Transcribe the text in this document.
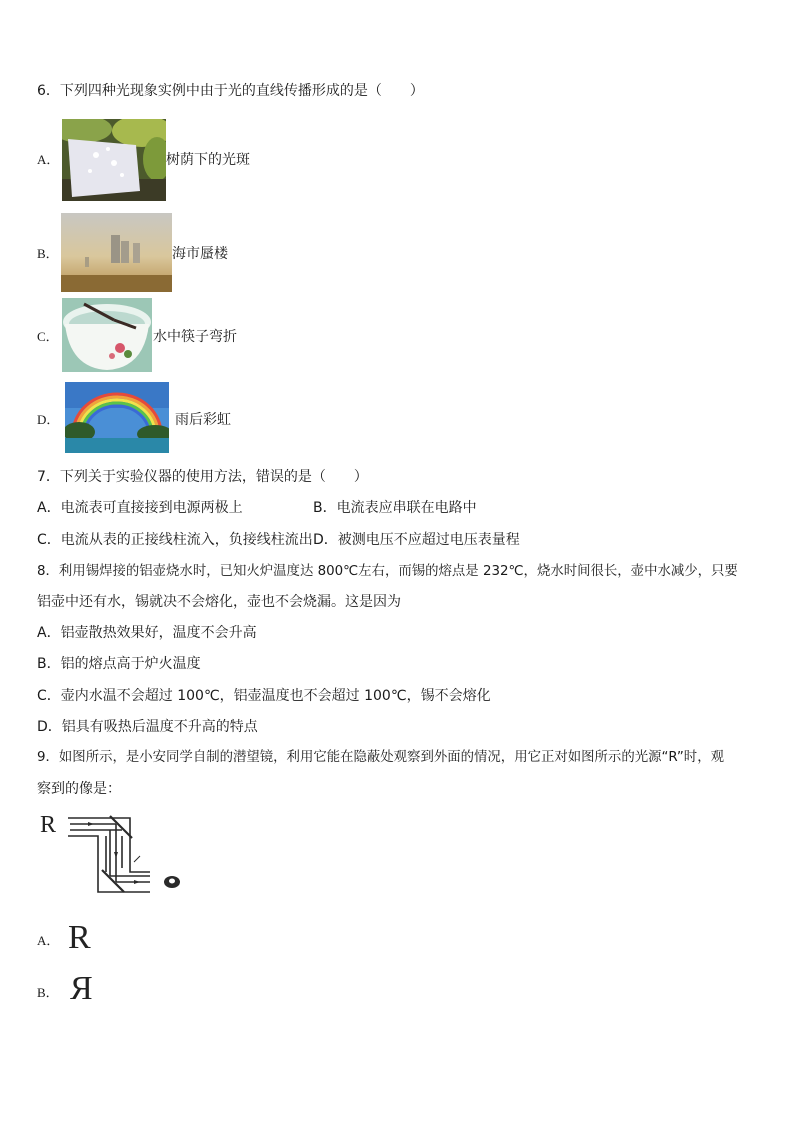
6．下列四种光现象实例中由于光的直线传播形成的是（　　）
A．	树荫下的光斑
B．	海市蜃楼
C．	水中筷子弯折
D．	雨后彩虹
7．下列关于实验仪器的使用方法，错误的是（　　）
A．电流表可直接接到电源两极上	B．电流表应串联在电路中
C．电流从表的正接线柱流入，负接线柱流出 D．被测电压不应超过电压表量程
8．利用锡焊接的铝壶烧水时，已知火炉温度达 800℃左右，而锡的熔点是 232℃，烧水时间很长，壶中水减少，只要
铝壶中还有水，锡就决不会熔化，壶也不会烧漏。这是因为
A．铝壶散热效果好，温度不会升高
B．铝的熔点高于炉火温度
C．壶内水温不会超过 100℃，铝壶温度也不会超过 100℃，锡不会熔化
D．铝具有吸热后温度不升高的特点
9．如图所示，是小安同学自制的潜望镜，利用它能在隐蔽处观察到外面的情况，用它正对如图所示的光源“R”时，观
察到的像是：
R
A． R
B． Я
